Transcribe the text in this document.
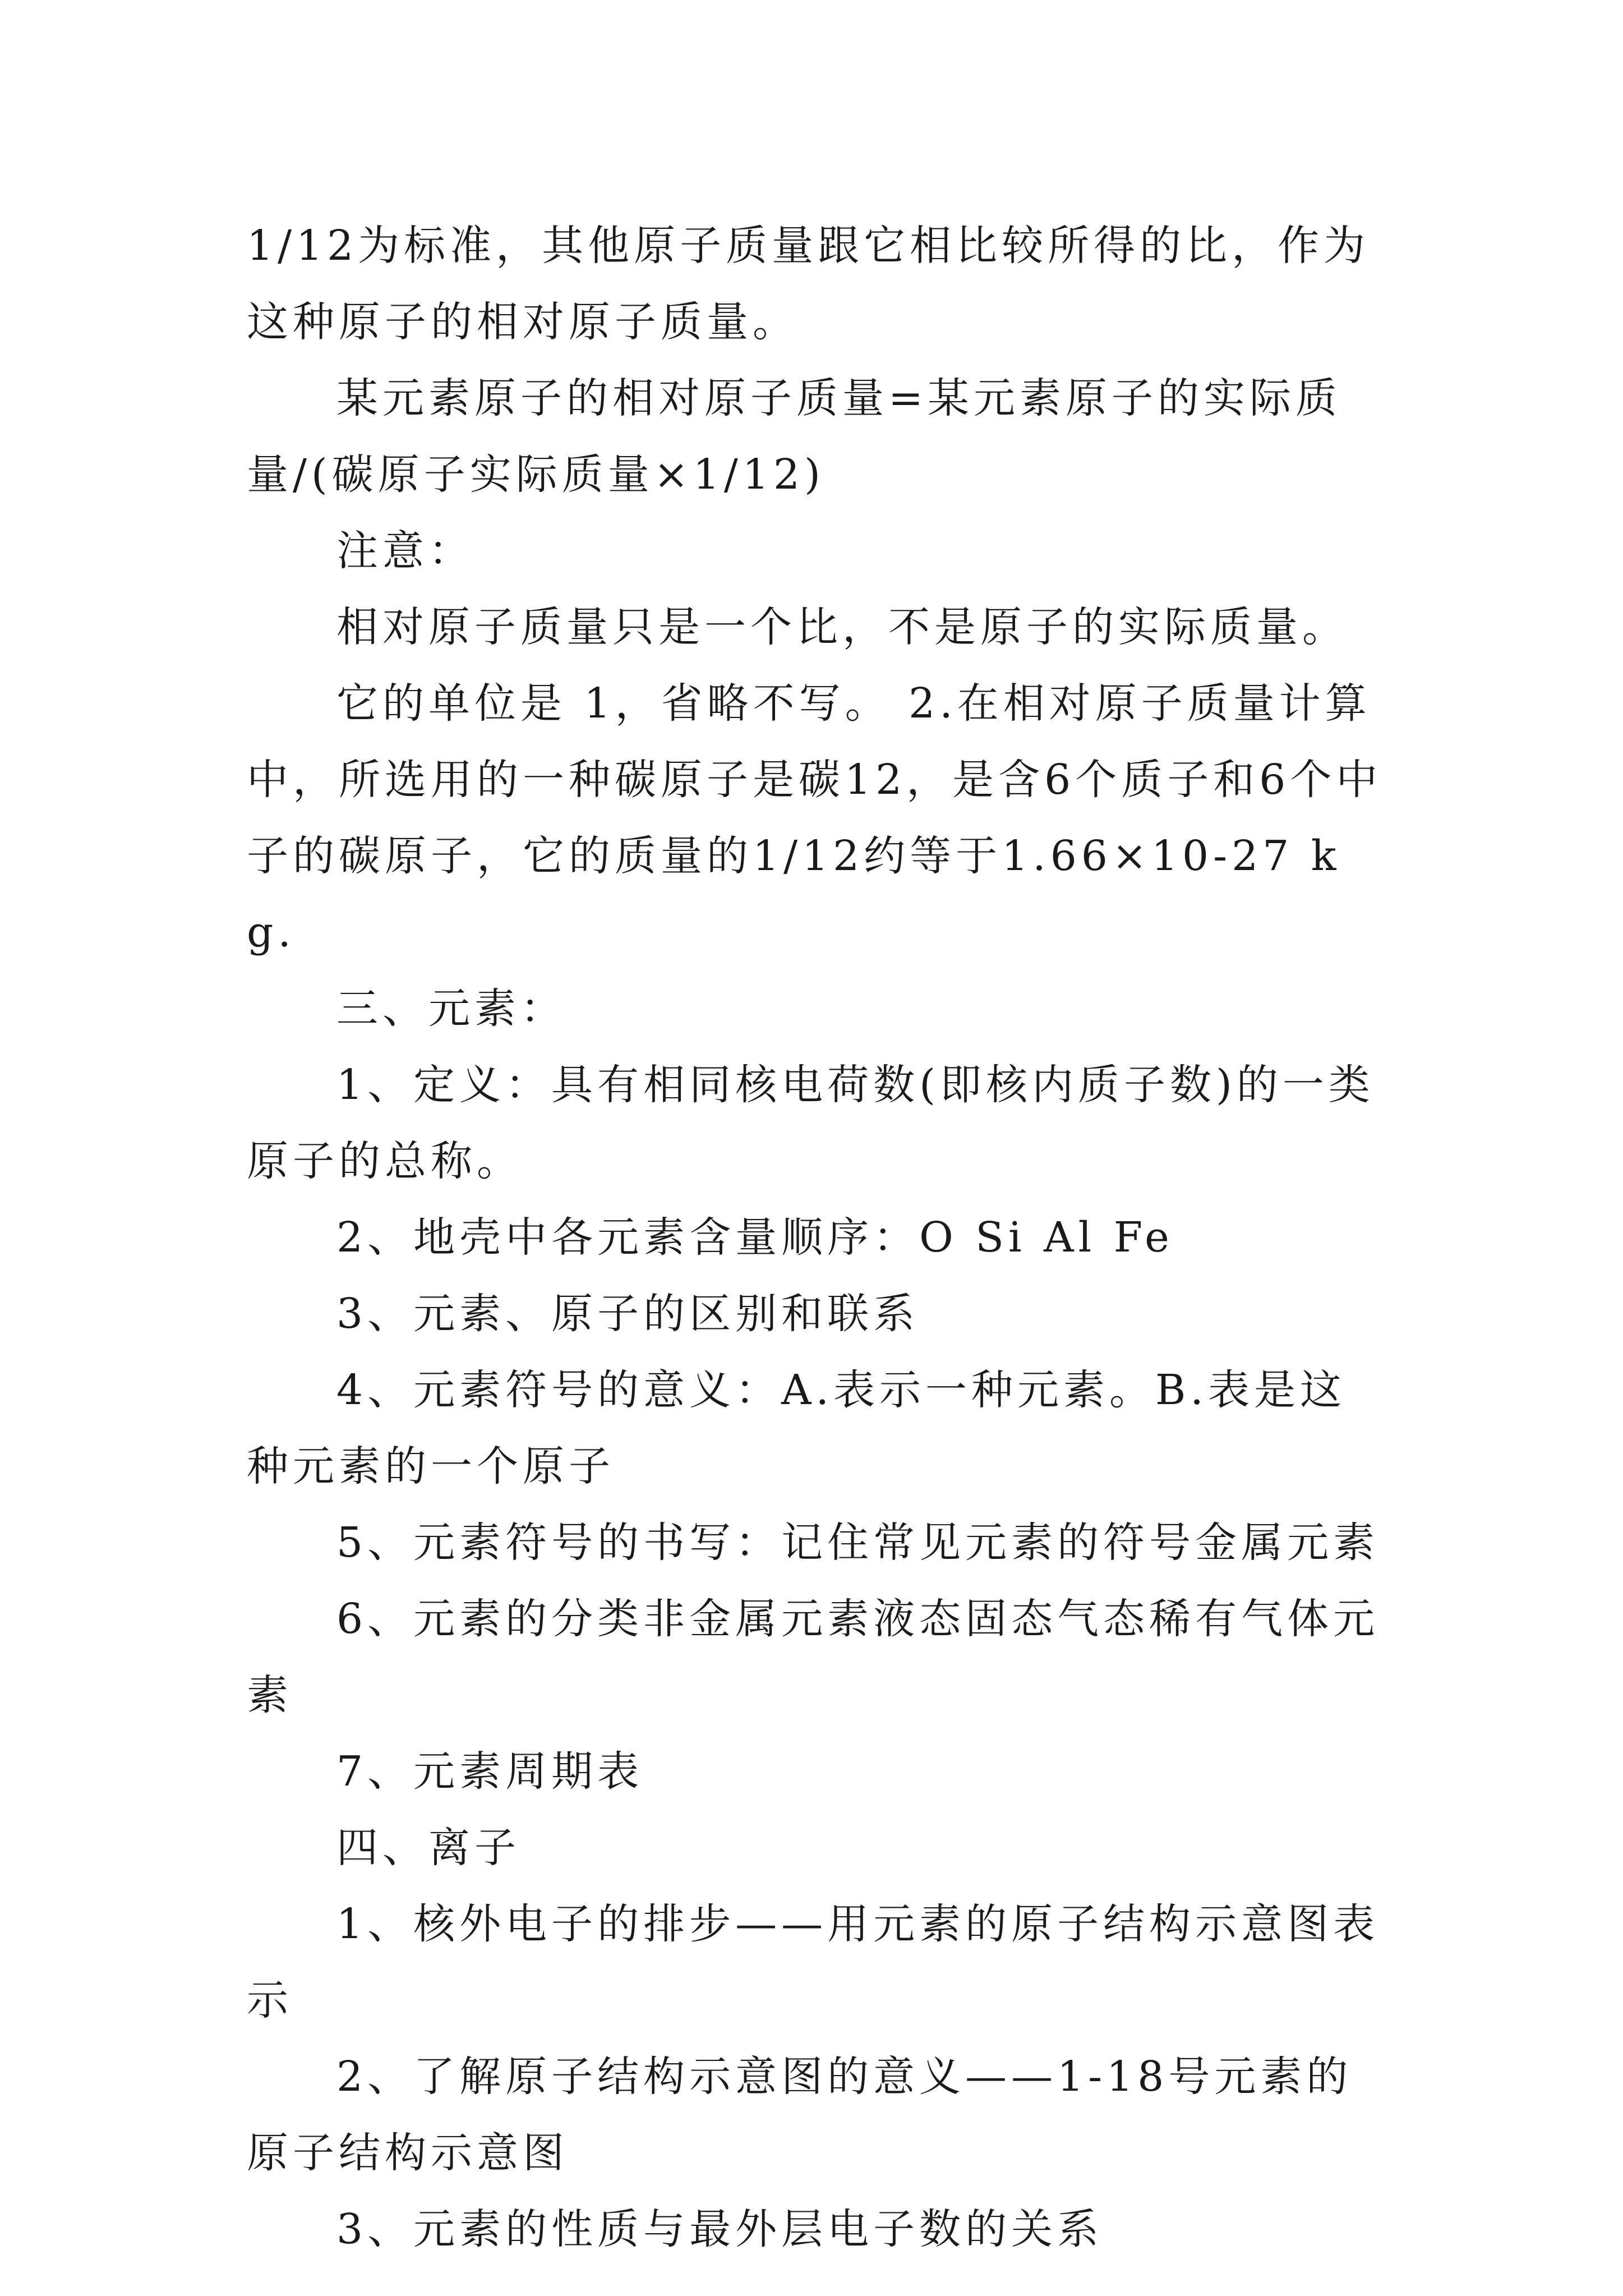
1/12为标准，其他原子质量跟它相比较所得的比，作为这种原子的相对原子质量。

某元素原子的相对原子质量=某元素原子的实际质量/(碳原子实际质量×1/12)

注意：

相对原子质量只是一个比，不是原子的实际质量。

它的单位是 1，省略不写。 2.在相对原子质量计算中，所选用的一种碳原子是碳12，是含6个质子和6个中子的碳原子，它的质量的1/12约等于1.66×10-27 kg.

三、元素：

1、定义：具有相同核电荷数(即核内质子数)的一类原子的总称。

2、地壳中各元素含量顺序：O Si Al Fe

3、元素、原子的区别和联系

4、元素符号的意义：A.表示一种元素。B.表是这种元素的一个原子

5、元素符号的书写：记住常见元素的符号金属元素

6、元素的分类非金属元素液态固态气态稀有气体元素

7、元素周期表

四、离子

1、核外电子的排步——用元素的原子结构示意图表示

2、了解原子结构示意图的意义——1-18号元素的原子结构示意图

3、元素的性质与最外层电子数的关系
